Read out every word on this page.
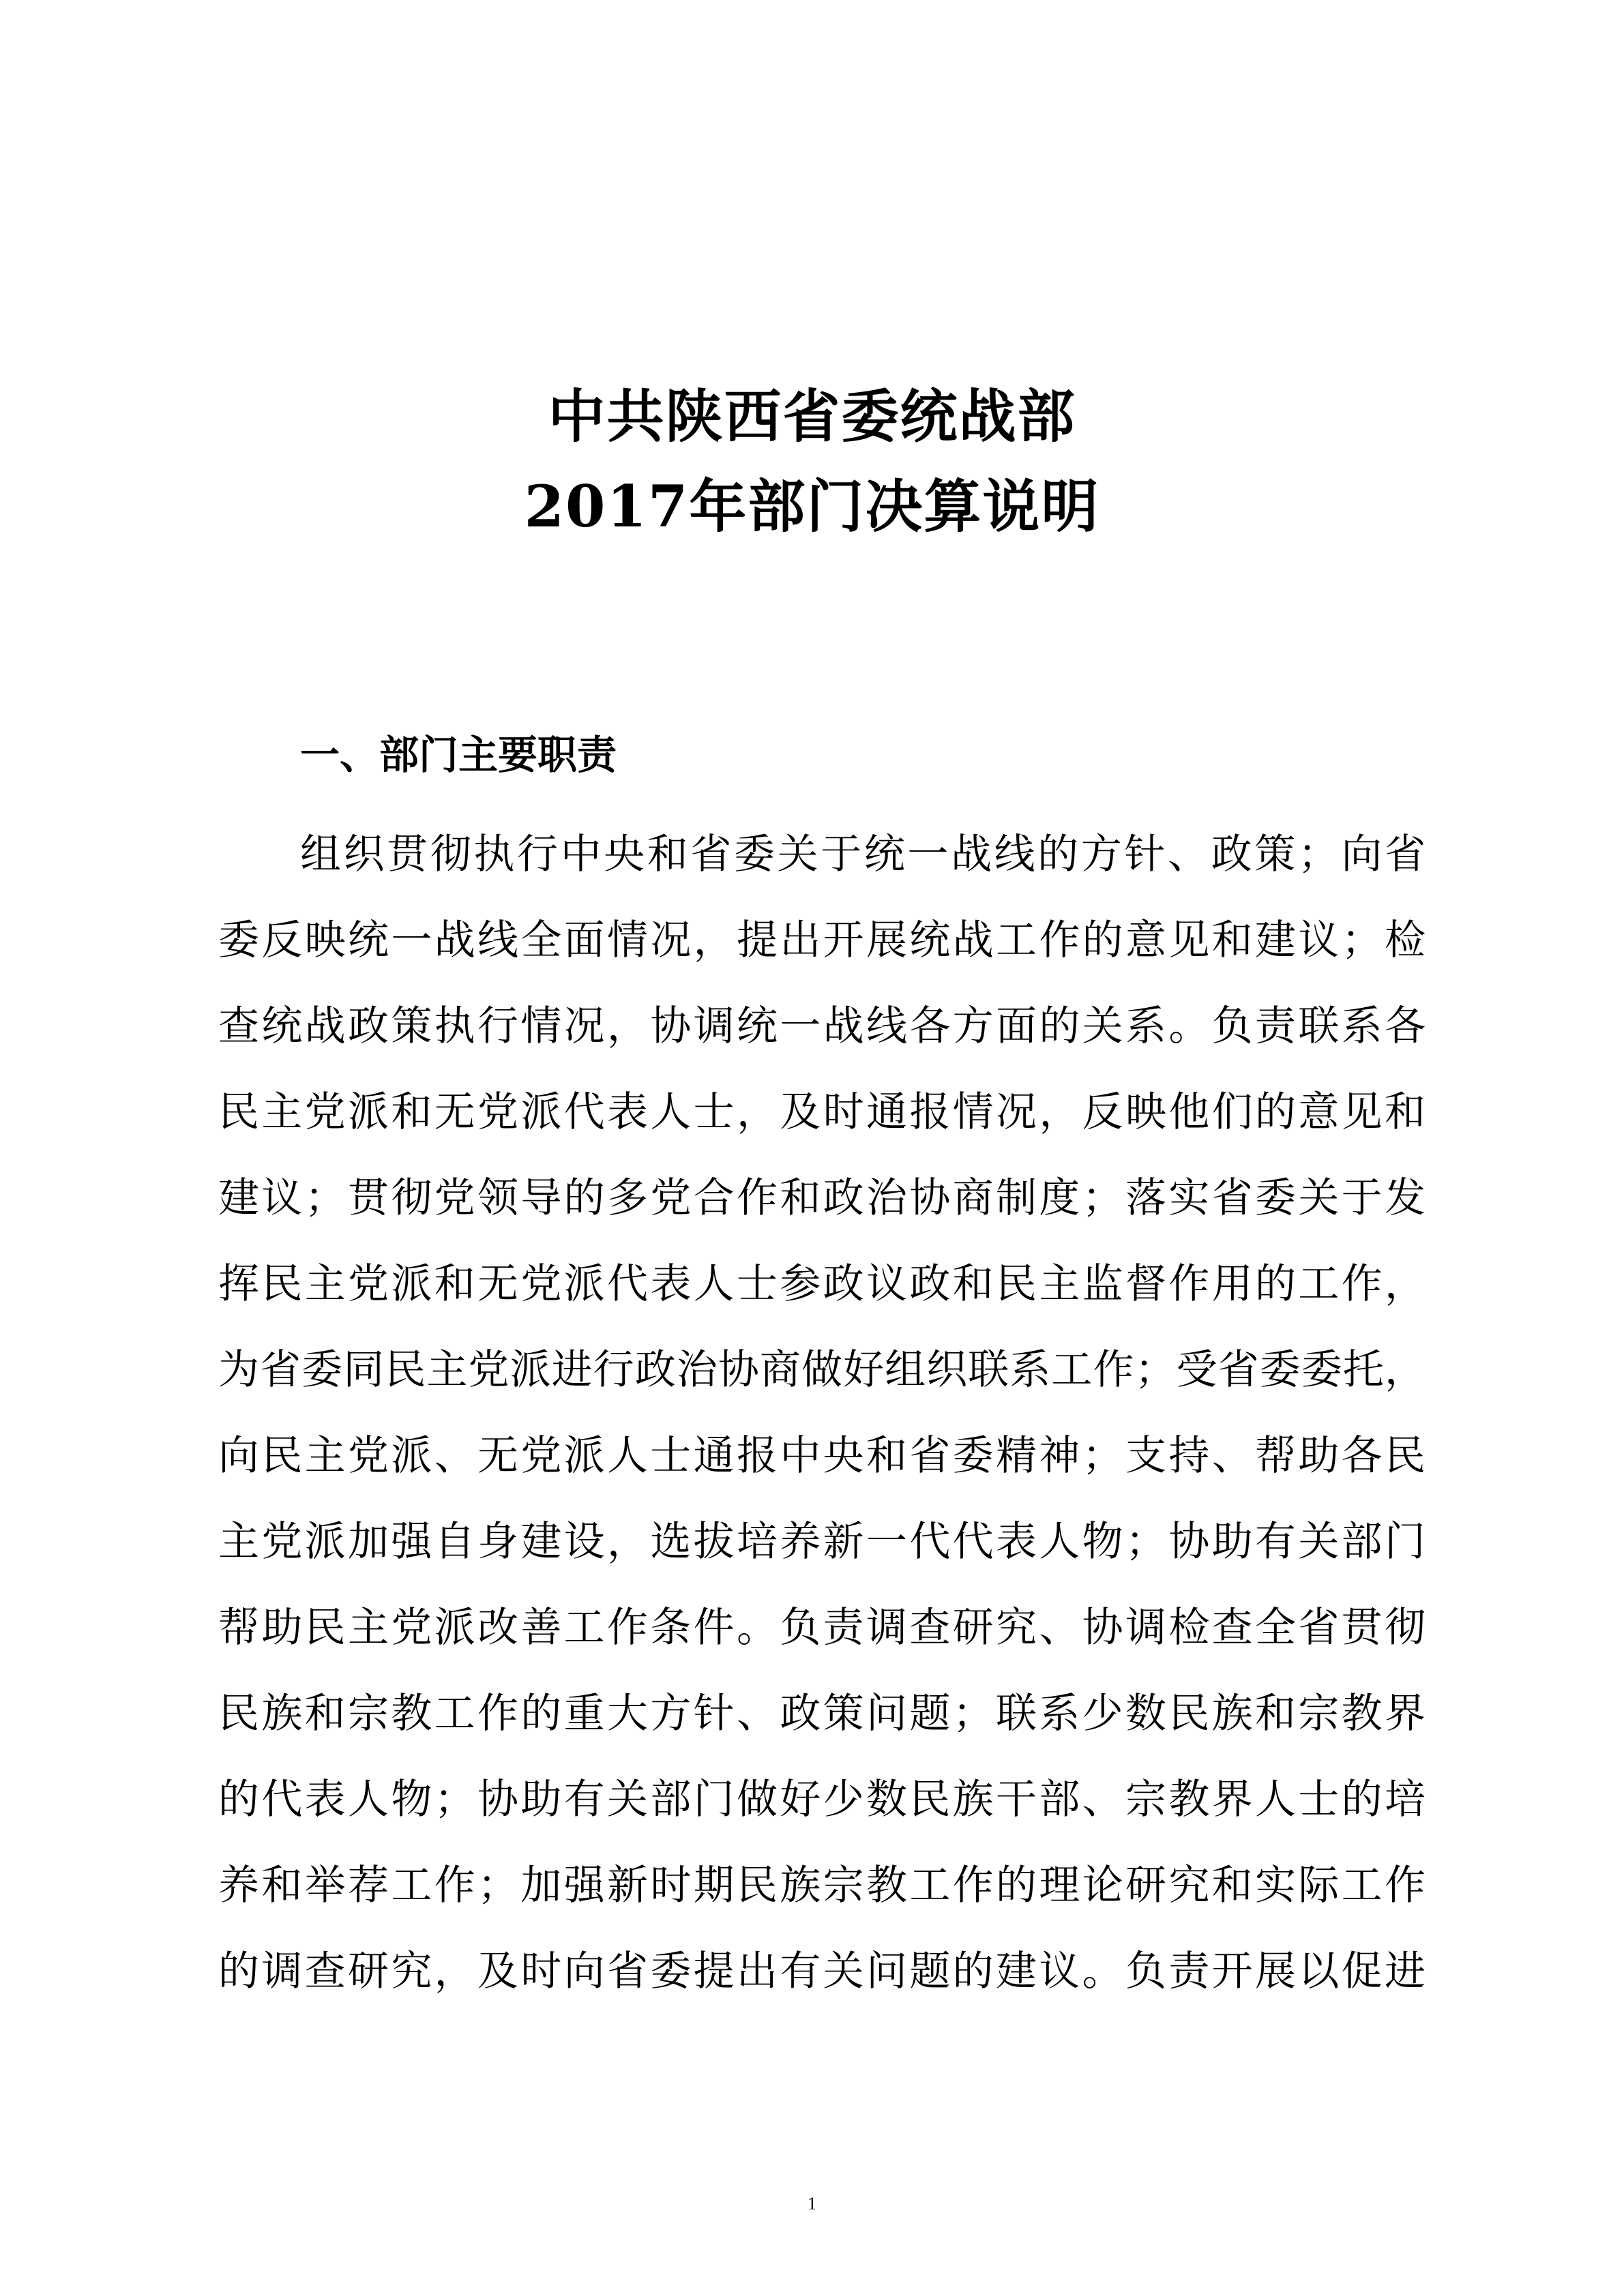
中共陕西省委统战部
2017年部门决算说明
一、部门主要职责
组织贯彻执行中央和省委关于统一战线的方针、政策；向省
委反映统一战线全面情况，提出开展统战工作的意见和建议；检
查统战政策执行情况，协调统一战线各方面的关系。负责联系各
民主党派和无党派代表人士，及时通报情况，反映他们的意见和
建议；贯彻党领导的多党合作和政治协商制度；落实省委关于发
挥民主党派和无党派代表人士参政议政和民主监督作用的工作，
为省委同民主党派进行政治协商做好组织联系工作；受省委委托，
向民主党派、无党派人士通报中央和省委精神；支持、帮助各民
主党派加强自身建设，选拔培养新一代代表人物；协助有关部门
帮助民主党派改善工作条件。负责调查研究、协调检查全省贯彻
民族和宗教工作的重大方针、政策问题；联系少数民族和宗教界
的代表人物；协助有关部门做好少数民族干部、宗教界人士的培
养和举荐工作；加强新时期民族宗教工作的理论研究和实际工作
的调查研究，及时向省委提出有关问题的建议。负责开展以促进
1
